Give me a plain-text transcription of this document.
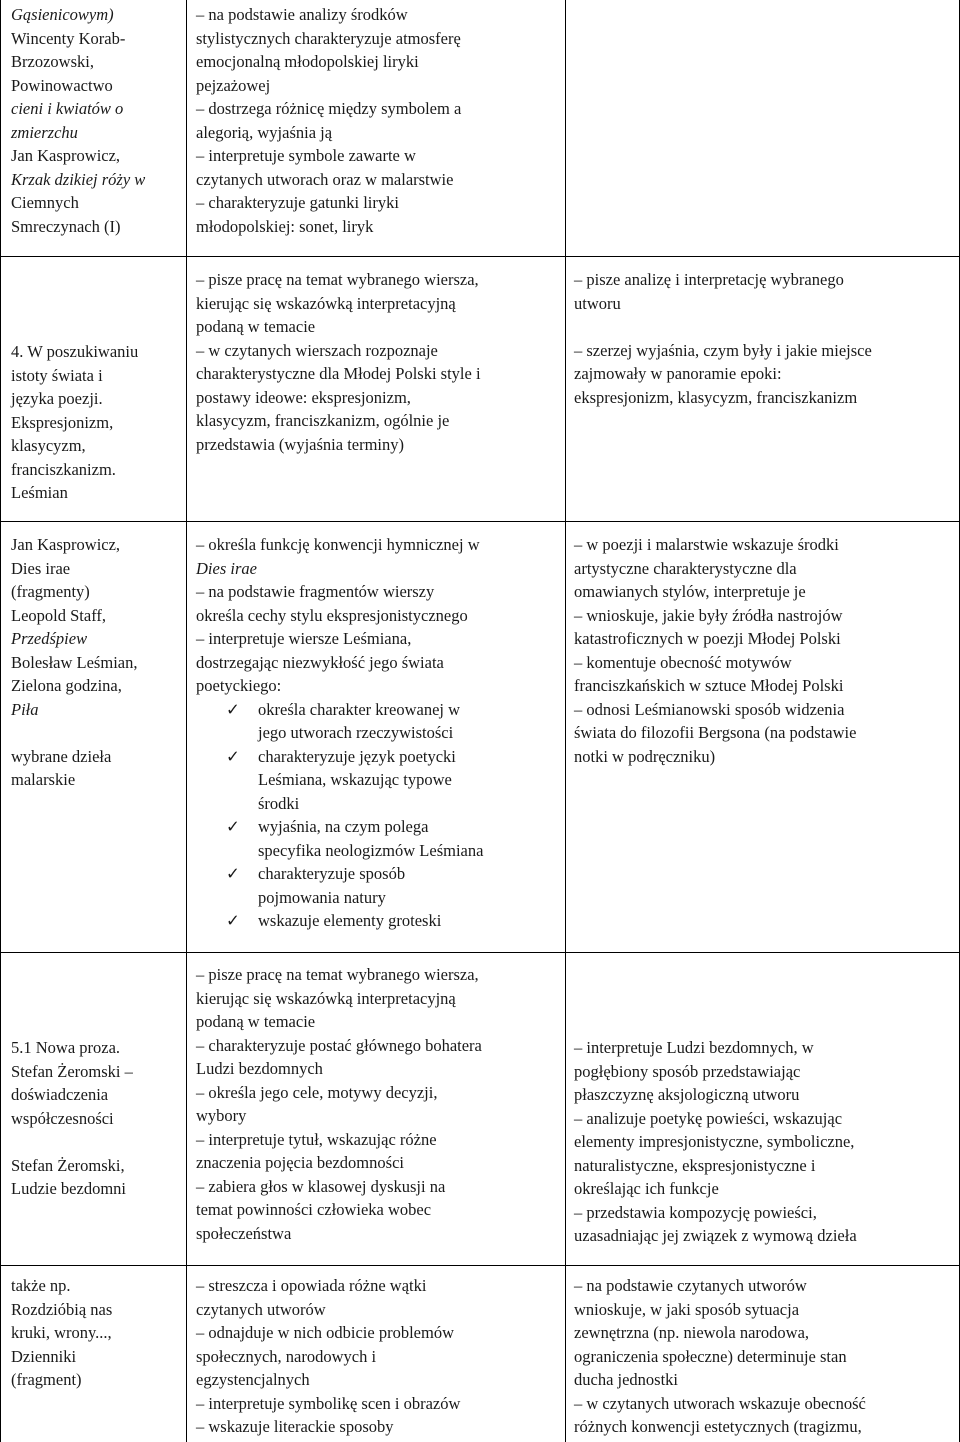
Gąsienicowym)
Wincenty Korab-
Brzozowski,
Powinowactwo
cieni i kwiatów o
zmierzchu
Jan Kasprowicz,
Krzak dzikiej róży w
Ciemnych
Smreczynach (I)
– na podstawie analizy środków
stylistycznych charakteryzuje atmosferę
emocjonalną młodopolskiej liryki
pejzażowej
– dostrzega różnicę między symbolem a
alegorią, wyjaśnia ją
– interpretuje symbole zawarte w
czytanych utworach oraz w malarstwie
– charakteryzuje gatunki liryki
młodopolskiej: sonet, liryk
4. W poszukiwaniu
istoty świata i
języka poezji.
Ekspresjonizm,
klasycyzm,
franciszkanizm.
Leśmian
– pisze pracę na temat wybranego wiersza,
kierując się wskazówką interpretacyjną
podaną w temacie
– w czytanych wierszach rozpoznaje
charakterystyczne dla Młodej Polski style i
postawy ideowe: ekspresjonizm,
klasycyzm, franciszkanizm, ogólnie je
przedstawia (wyjaśnia terminy)
– pisze analizę i interpretację wybranego
utworu

– szerzej wyjaśnia, czym były i jakie miejsce
zajmowały w panoramie epoki:
ekspresjonizm, klasycyzm, franciszkanizm
Jan Kasprowicz,
Dies irae
(fragmenty)
Leopold Staff,
Przedśpiew
Bolesław Leśmian,
Zielona godzina,
Piła

wybrane dzieła
malarskie
– określa funkcję konwencji hymnicznej w
Dies irae
– na podstawie fragmentów wierszy
określa cechy stylu ekspresjonistycznego
– interpretuje wiersze Leśmiana,
dostrzegając niezwykłość jego świata
poetyckiego:
✓ określa charakter kreowanej w
jego utworach rzeczywistości
✓ charakteryzuje język poetycki
Leśmiana, wskazując typowe
środki
✓ wyjaśnia, na czym polega
specyfika neologizmów Leśmiana
✓ charakteryzuje sposób
pojmowania natury
✓ wskazuje elementy groteski
– w poezji i malarstwie wskazuje środki
artystyczne charakterystyczne dla
omawianych stylów, interpretuje je
– wnioskuje, jakie były źródła nastrojów
katastroficznych w poezji Młodej Polski
– komentuje obecność motywów
franciszkańskich w sztuce Młodej Polski
– odnosi Leśmianowski sposób widzenia
świata do filozofii Bergsona (na podstawie
notki w podręczniku)
5.1 Nowa proza.
Stefan Żeromski –
doświadczenia
współczesności

Stefan Żeromski,
Ludzie bezdomni
– pisze pracę na temat wybranego wiersza,
kierując się wskazówką interpretacyjną
podaną w temacie
– charakteryzuje postać głównego bohatera
Ludzi bezdomnych
– określa jego cele, motywy decyzji,
wybory
– interpretuje tytuł, wskazując różne
znaczenia pojęcia bezdomności
– zabiera głos w klasowej dyskusji na
temat powinności człowieka wobec
społeczeństwa
– interpretuje Ludzi bezdomnych, w
pogłębiony sposób przedstawiając
płaszczyznę aksjologiczną utworu
– analizuje poetykę powieści, wskazując
elementy impresjonistyczne, symboliczne,
naturalistyczne, ekspresjonistyczne i
określając ich funkcje
– przedstawia kompozycję powieści,
uzasadniając jej związek z wymową dzieła
także np.
Rozdzióbią nas
kruki, wrony...,
Dzienniki
(fragment)
– streszcza i opowiada różne wątki
czytanych utworów
– odnajduje w nich odbicie problemów
społecznych, narodowych i
egzystencjalnych
– interpretuje symbolikę scen i obrazów
– wskazuje literackie sposoby
– na podstawie czytanych utworów
wnioskuje, w jaki sposób sytuacja
zewnętrzna (np. niewola narodowa,
ograniczenia społeczne) determinuje stan
ducha jednostki
– w czytanych utworach wskazuje obecność
różnych konwencji estetycznych (tragizmu,
